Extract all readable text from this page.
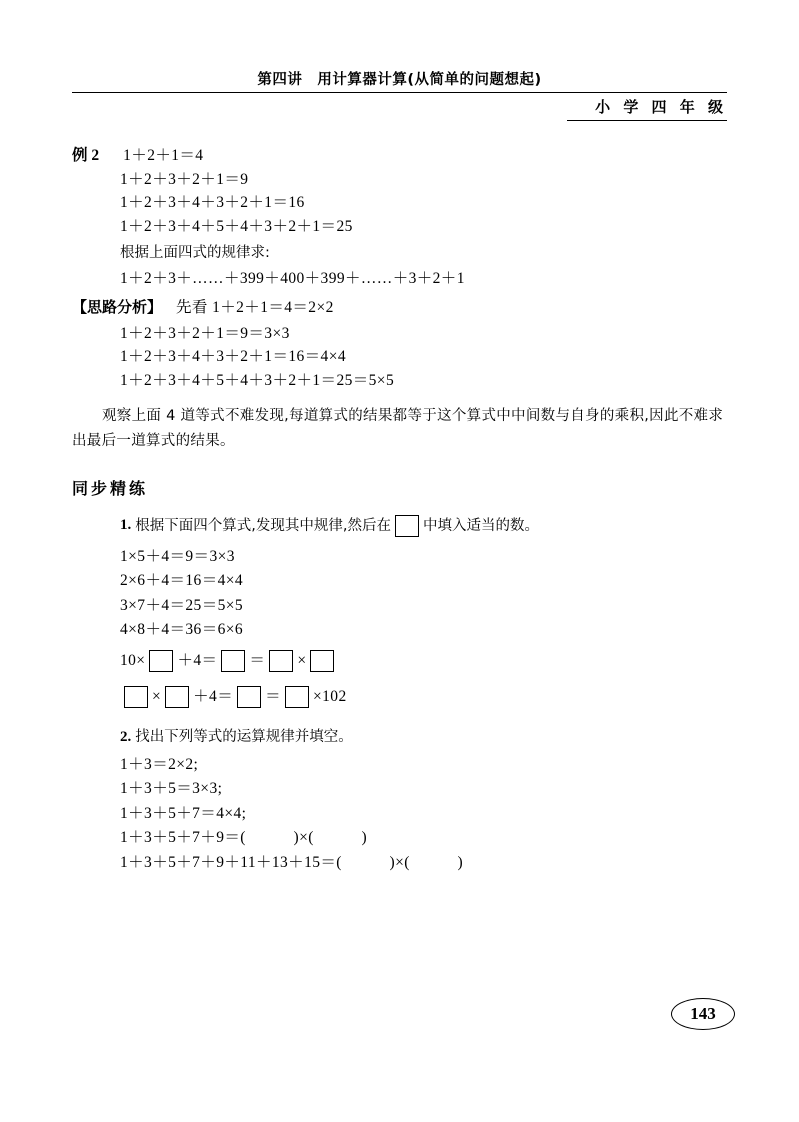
第四讲　用计算器计算(从简单的问题想起)
小 学 四 年 级
例 2	1＋2＋1＝4
1＋2＋3＋2＋1＝9
1＋2＋3＋4＋3＋2＋1＝16
1＋2＋3＋4＋5＋4＋3＋2＋1＝25
根据上面四式的规律求:
1＋2＋3＋……＋399＋400＋399＋……＋3＋2＋1
【思路分析】 先看 1＋2＋1＝4＝2×2
1＋2＋3＋2＋1＝9＝3×3
1＋2＋3＋4＋3＋2＋1＝16＝4×4
1＋2＋3＋4＋5＋4＋3＋2＋1＝25＝5×5
观察上面 4 道等式不难发现,每道算式的结果都等于这个算式中中间数与自身的乘积,因此不难求出最后一道算式的结果。
同步精练
1. 根据下面四个算式,发现其中规律,然后在 中填入适当的数。
1×5＋4＝9＝3×3
2×6＋4＝16＝4×4
3×7＋4＝25＝5×5
4×8＋4＝36＝6×6
10× ＋4＝ ＝ ×
× ＋4＝ ＝ ×102
2. 找出下列等式的运算规律并填空。
1＋3＝2×2;
1＋3＋5＝3×3;
1＋3＋5＋7＝4×4;
1＋3＋5＋7＋9＝(　　　)×(　　　)
1＋3＋5＋7＋9＋11＋13＋15＝(　　　)×(　　　)
143
